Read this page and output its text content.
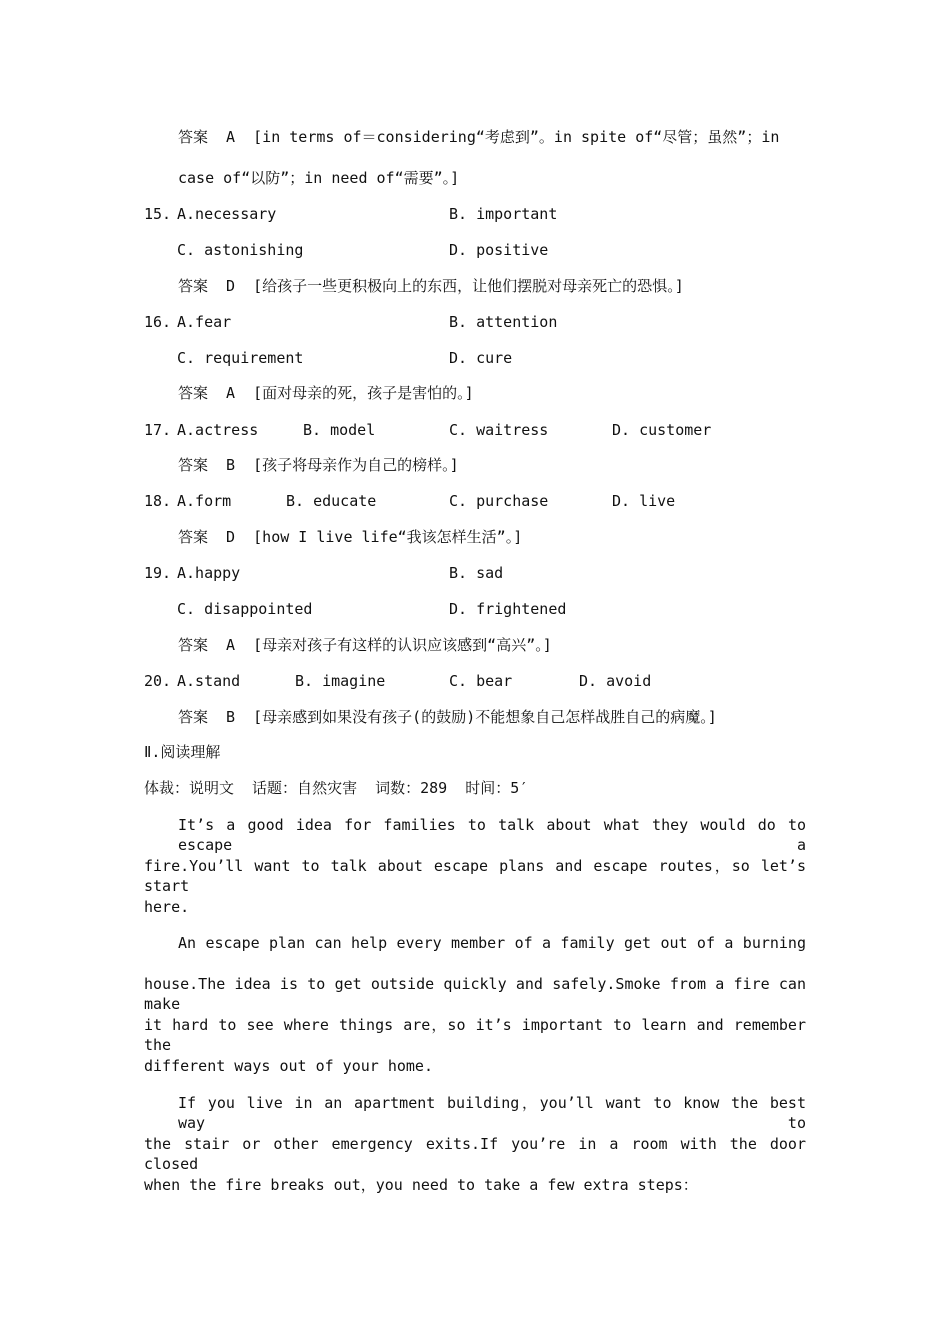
答案  A  [in terms of＝considering“考虑到”。in spite of“尽管；虽然”；in
case of“以防”；in need of“需要”。]
15. A.necessary	B. important
C. astonishing	D. positive
答案  D  [给孩子一些更积极向上的东西，让他们摆脱对母亲死亡的恐惧。]
16. A.fear	B. attention
C. requirement	D. cure
答案  A  [面对母亲的死，孩子是害怕的。]
17. A.actress	B. model	C. waitress	D. customer
答案  B  [孩子将母亲作为自己的榜样。]
18. A.form	B. educate	C. purchase	D. live
答案  D  [how I live life“我该怎样生活”。]
19. A.happy	B. sad
C. disappointed	D. frightened
答案  A  [母亲对孩子有这样的认识应该感到“高兴”。]
20. A.stand	B. imagine	C. bear	D. avoid
答案  B  [母亲感到如果没有孩子(的鼓励)不能想象自己怎样战胜自己的病魔。]
Ⅱ.阅读理解
体裁：说明文  话题：自然灾害  词数：289  时间：5′
It’s a good idea for families to talk about what they would do to escape a
fire.You’ll want to talk about escape plans and escape routes，so let’s start
here.
An escape plan can help every member of a family get out of a burning
house.The idea is to get outside quickly and safely.Smoke from a fire can make
it hard to see where things are，so it’s important to learn and remember the
different ways out of your home.
If you live in an apartment building，you’ll want to know the best way to
the stair or other emergency exits.If you’re in a room with the door closed
when the fire breaks out，you need to take a few extra steps：
